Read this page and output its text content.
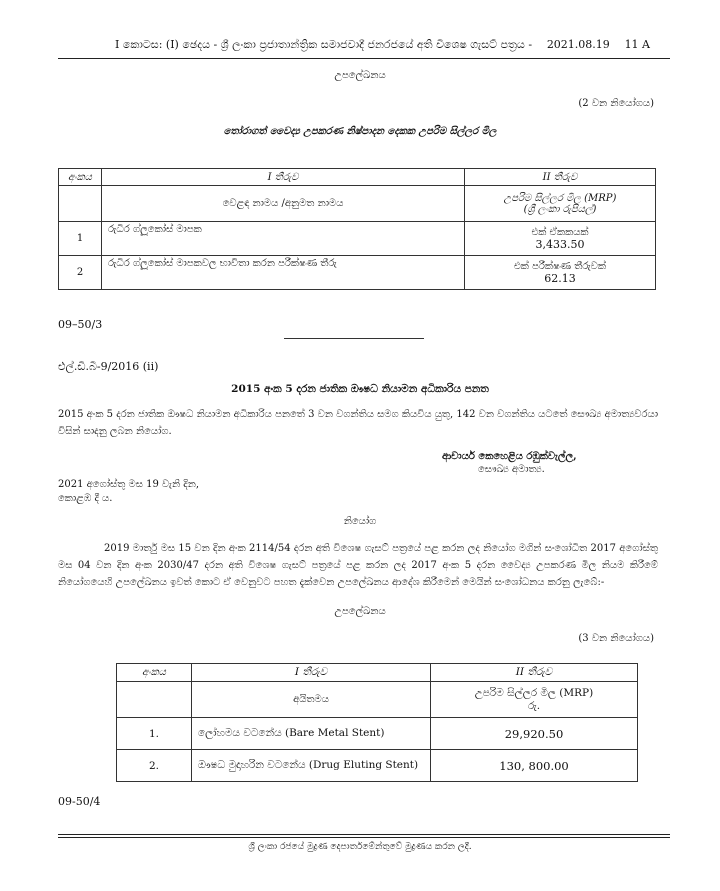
I කොටස: (I) ඡෙදය - ශ්‍රී ලංකා ප්‍රජාතාන්ත්‍රික සමාජවාදී ජනරජයේ අති විශෙෂ ගැසට් පත්‍රය - 2021.08.19 11 A
උපලේඛනය
(2 වන නියෝගය)
තෝරාගත් වෛද්‍ය උපකරණ නිෂ්පාදන දෙකක උපරිම සිල්ලර මිල
අංකය	I තීරුව	II තීරුව
	වෙළඳ නාමය /අනුමත නාමය	උපරිම සිල්ලර මිල (MRP)
(ශ්‍රී ලංකා රුපියල්)

1	රුධිර ග්ලූකෝස් මාපක	එක් ඒකකයක්
3,433.50

2	රුධිර ග්ලූකෝස් මාපකවල භාවිතා කරන පරීක්ෂණ තීරු	එක් පරීක්ෂණ තීරුවක්
62.13
09–50/3
එල්.ඩී.බී-9/2016 (ii)
2015 අංක 5 දරන ජාතික ඖෂධ නියාමන අධිකාරිය පනත
2015 අංක 5 දරන ජාතික ඖෂධ නියාමන අධිකාරිය පනතේ 3 වන වගන්තිය සමග කියවිය යුතු, 142 වන වගන්තිය යටතේ සෞඛ්‍ය අමාත්‍යවරයා විසින් සාදනු ලබන නියෝග.
ආචාර්ය කෙහෙළිය රඹුක්වැල්ල,
සෞඛ්‍ය අමාත්‍ය.
2021 අගෝස්තු මස 19 වැනි දින,
කොළඹ දී ය.
නියෝග
2019 මාර්තු මස 15 වන දින අංක 2114/54 දරන අති විශෙෂ ගැසට් පත්‍රයේ පළ කරන ලද නියෝග මගින් සංශෝධිත 2017 අගෝස්තු මස 04 වන දින අංක 2030/47 දරන අති විශෙෂ ගැසට් පත්‍රයේ පළ කරන ලද 2017 අංක 5 දරන වෛද්‍ය උපකරණ මිල නියම කිරීමේ නියෝගයෙහි උපලේඛනය ඉවත් කොට ඒ වෙනුවට පහත දැක්වෙන උපලේඛනය ආදේශ කිරීමෙන් මෙයින් සංශෝධනය කරනු ලැබේ:-
උපලේඛනය
(3 වන නියෝගය)
අංකය	I තීරුව	II තීරුව
	අයිතමය	උපරිම සිල්ලර මිල (MRP)
රු.

1.	ලෝහමය වටනේය (Bare Metal Stent)	29,920.50
2.	ඖෂධ මුදාහරින වටනේය (Drug Eluting Stent)	130, 800.00
09-50/4
ශ්‍රී ලංකා රජයේ මුද්‍රණ දෙපාර්තමේන්තුවේ මුද්‍රණය කරන ලදී.
